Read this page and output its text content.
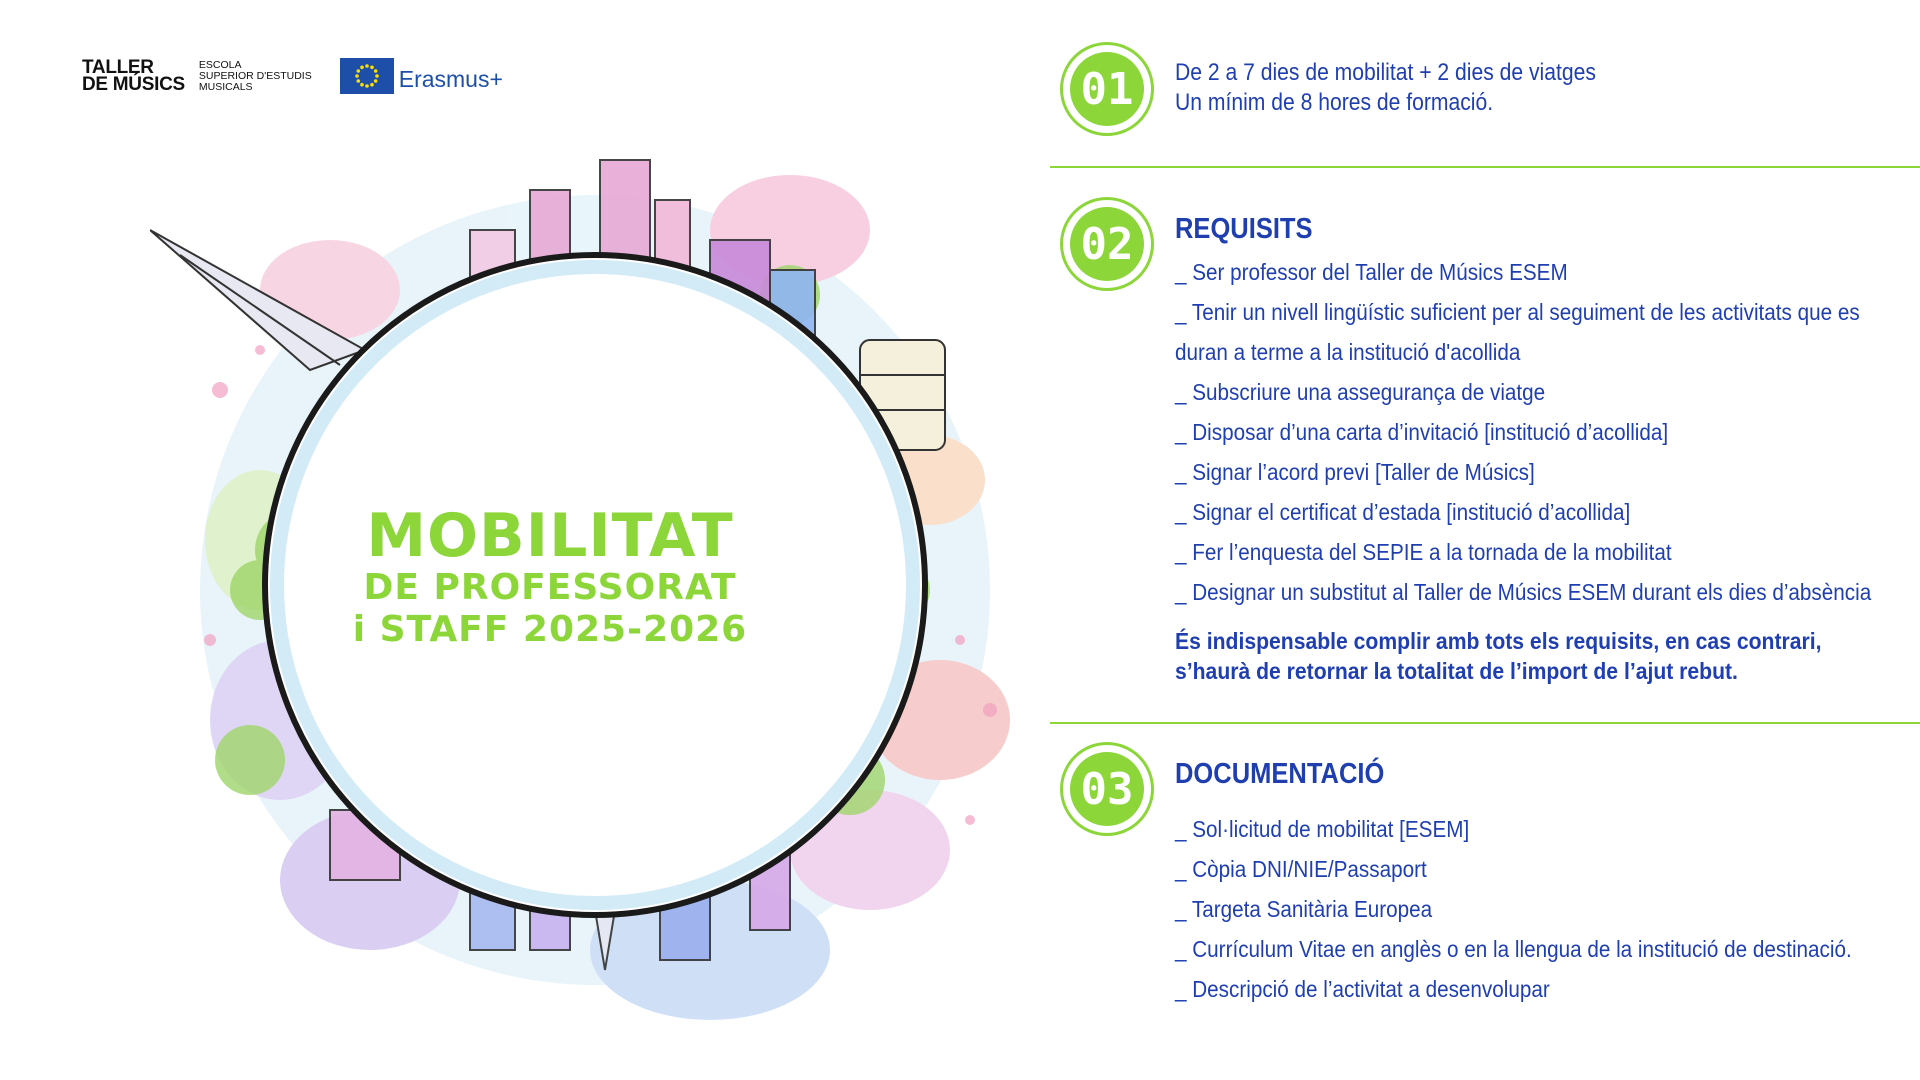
TALLER
DE MÚSICS
ESCOLA
SUPERIOR D'ESTUDIS
MUSICALS	Erasmus+
MOBILITAT
DE PROFESSORAT
i STAFF 2025-2026
01	De 2 a 7 dies de mobilitat + 2 dies de viatges
Un mínim de 8 hores de formació.
02	REQUISITS
_ Ser professor del Taller de Músics ESEM
_ Tenir un nivell lingüístic suficient per al seguiment de les activitats que es
duran a terme a la institució d'acollida
_ Subscriure una assegurança de viatge
_ Disposar d’una carta d’invitació [institució d’acollida]
_ Signar l’acord previ [Taller de Músics]
_ Signar el certificat d’estada [institució d’acollida]
_ Fer l’enquesta del SEPIE a la tornada de la mobilitat
_ Designar un substitut al Taller de Músics ESEM durant els dies d’absència
És indispensable complir amb tots els requisits, en cas contrari,
s’haurà de retornar la totalitat de l’import de l’ajut rebut.
03	DOCUMENTACIÓ
_ Sol·licitud de mobilitat [ESEM]
_ Còpia DNI/NIE/Passaport
_ Targeta Sanitària Europea
_ Currículum Vitae en anglès o en la llengua de la institució de destinació.
_ Descripció de l’activitat a desenvolupar
